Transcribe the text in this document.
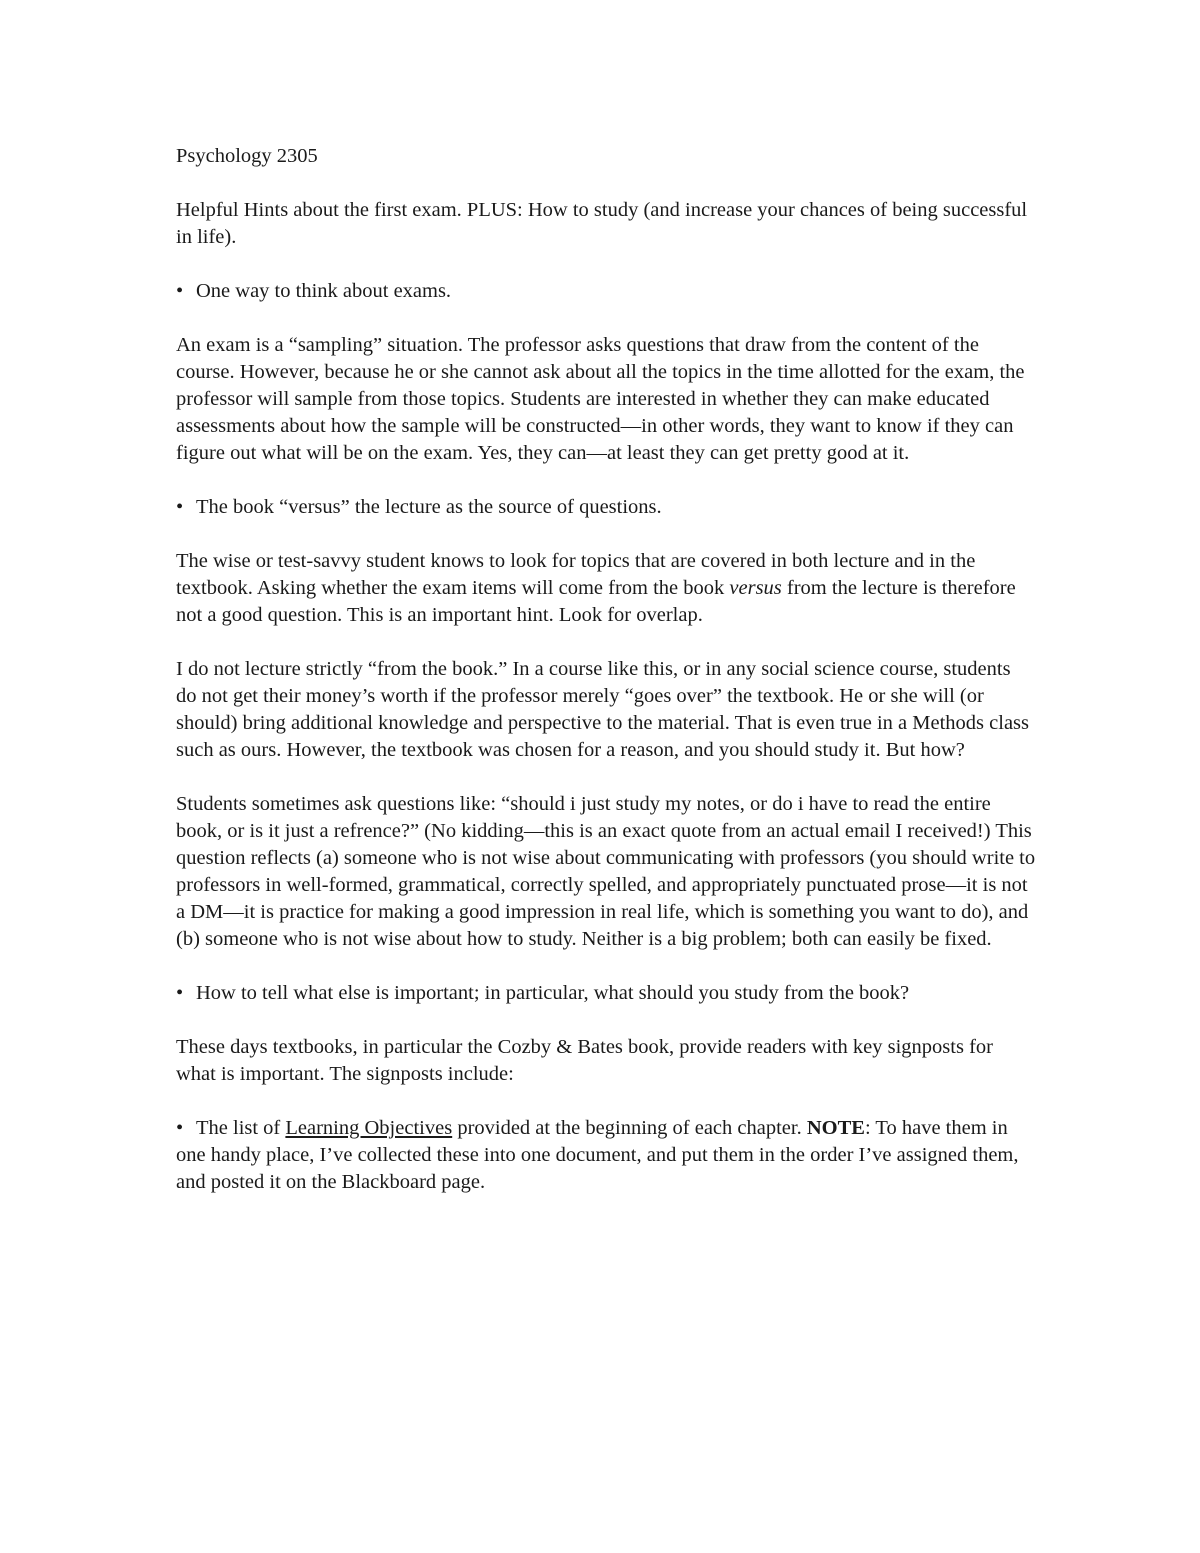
Psychology 2305

Helpful Hints about the first exam. PLUS: How to study (and increase your chances of being successful in life).

• One way to think about exams.

An exam is a “sampling” situation. The professor asks questions that draw from the content of the course. However, because he or she cannot ask about all the topics in the time allotted for the exam, the professor will sample from those topics. Students are interested in whether they can make educated assessments about how the sample will be constructed—in other words, they want to know if they can figure out what will be on the exam. Yes, they can—at least they can get pretty good at it.

• The book “versus” the lecture as the source of questions.

The wise or test-savvy student knows to look for topics that are covered in both lecture and in the textbook. Asking whether the exam items will come from the book versus from the lecture is therefore not a good question. This is an important hint. Look for overlap.

I do not lecture strictly “from the book.” In a course like this, or in any social science course, students do not get their money’s worth if the professor merely “goes over” the textbook. He or she will (or should) bring additional knowledge and perspective to the material. That is even true in a Methods class such as ours. However, the textbook was chosen for a reason, and you should study it. But how?

Students sometimes ask questions like: “should i just study my notes, or do i have to read the entire book, or is it just a refrence?” (No kidding—this is an exact quote from an actual email I received!) This question reflects (a) someone who is not wise about communicating with professors (you should write to professors in well-formed, grammatical, correctly spelled, and appropriately punctuated prose—it is not a DM—it is practice for making a good impression in real life, which is something you want to do), and (b) someone who is not wise about how to study. Neither is a big problem; both can easily be fixed.

• How to tell what else is important; in particular, what should you study from the book?

These days textbooks, in particular the Cozby & Bates book, provide readers with key signposts for what is important. The signposts include:

• The list of Learning Objectives provided at the beginning of each chapter. NOTE: To have them in one handy place, I’ve collected these into one document, and put them in the order I’ve assigned them, and posted it on the Blackboard page.
